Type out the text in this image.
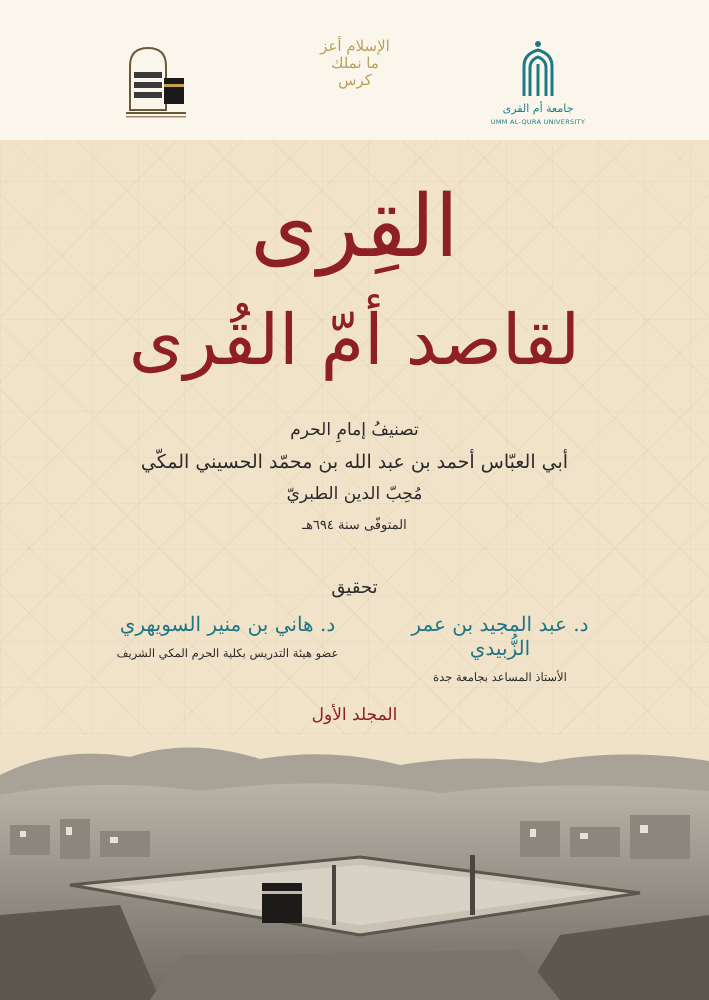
الإسلام أعز ما نملك كرس
جامعة أم القرى
UMM AL-QURA UNIVERSITY
القِرى
لقاصد أمّ القُرى
تصنيفُ إمامِ الحرم
أبي العبّاس أحمد بن عبد الله بن محمّد الحسيني المكّي
مُحِبّ الدين الطبريّ
المتوفّى سنة ٦٩٤هـ
تحقيق
د. عبد المجيد بن عمر الزُّبيدي
الأستاذ المساعد بجامعة جدة
د. هاني بن منير السويهري
عضو هيئة التدريس بكلية الحرم المكي الشريف
المجلد الأول
